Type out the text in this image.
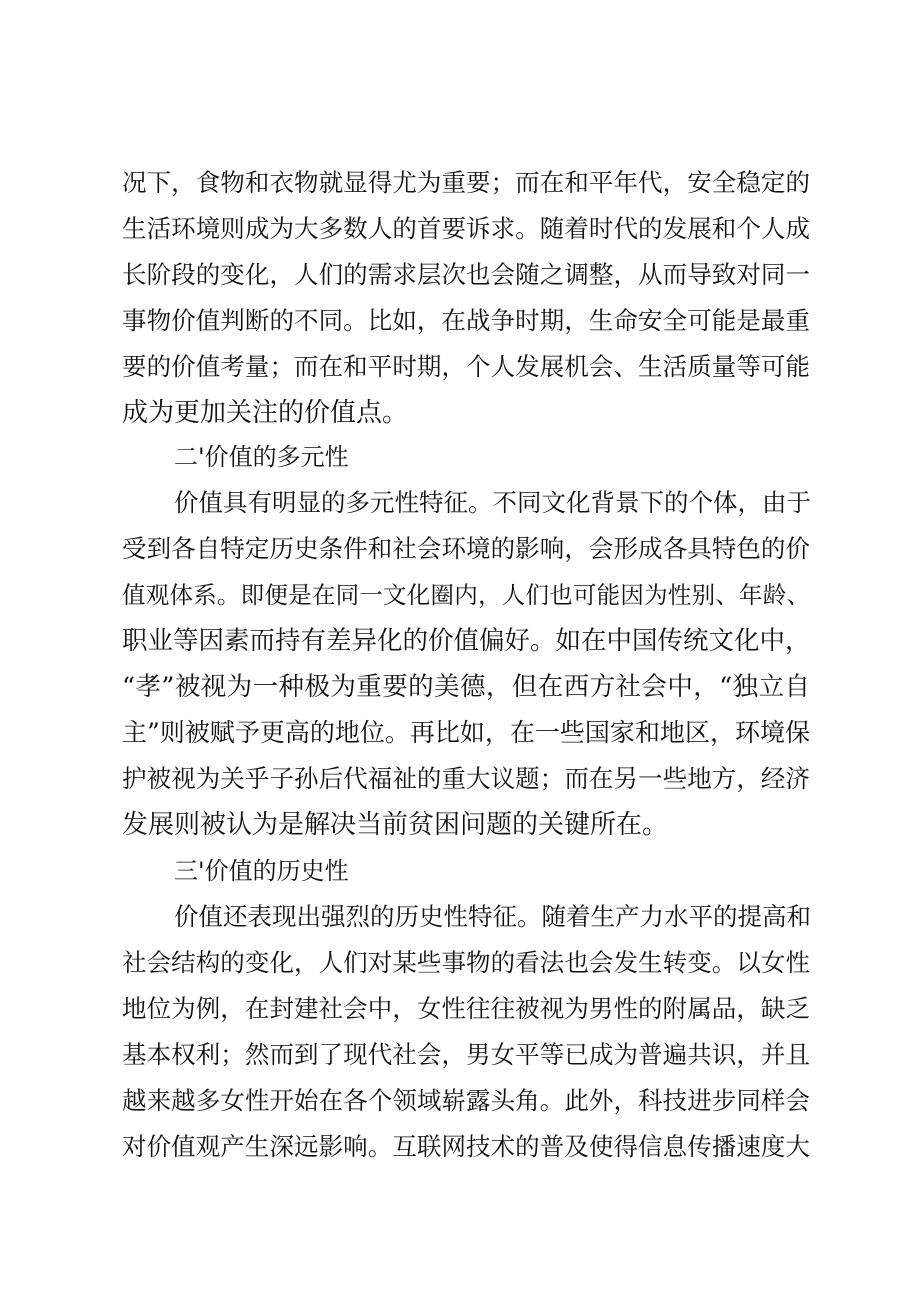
况下，食物和衣物就显得尤为重要；而在和平年代，安全稳定的
生活环境则成为大多数人的首要诉求。随着时代的发展和个人成
长阶段的变化，人们的需求层次也会随之调整，从而导致对同一
事物价值判断的不同。比如，在战争时期，生命安全可能是最重
要的价值考量；而在和平时期，个人发展机会、生活质量等可能
成为更加关注的价值点。
二'价值的多元性
价值具有明显的多元性特征。不同文化背景下的个体，由于
受到各自特定历史条件和社会环境的影响，会形成各具特色的价
值观体系。即便是在同一文化圈内，人们也可能因为性别、年龄、
职业等因素而持有差异化的价值偏好。如在中国传统文化中，
“孝”被视为一种极为重要的美德，但在西方社会中，“独立自
主”则被赋予更高的地位。再比如，在一些国家和地区，环境保
护被视为关乎子孙后代福祉的重大议题；而在另一些地方，经济
发展则被认为是解决当前贫困问题的关键所在。
三'价值的历史性
价值还表现出强烈的历史性特征。随着生产力水平的提高和
社会结构的变化，人们对某些事物的看法也会发生转变。以女性
地位为例，在封建社会中，女性往往被视为男性的附属品，缺乏
基本权利；然而到了现代社会，男女平等已成为普遍共识，并且
越来越多女性开始在各个领域崭露头角。此外，科技进步同样会
对价值观产生深远影响。互联网技术的普及使得信息传播速度大
